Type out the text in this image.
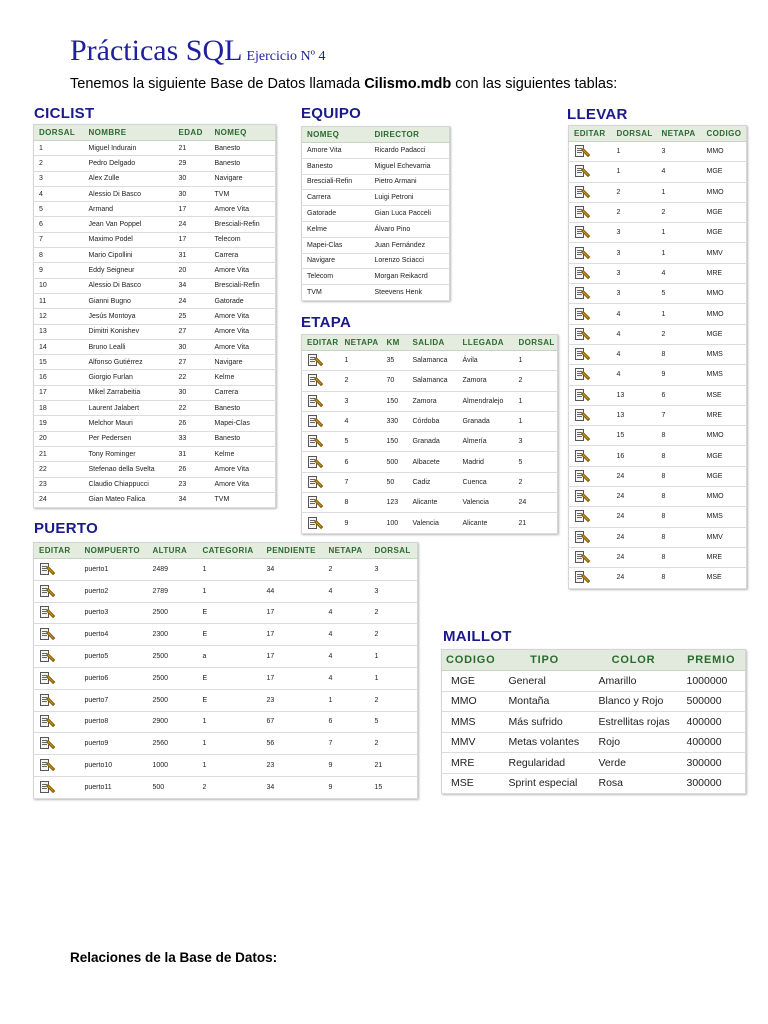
Prácticas SQL Ejercicio Nº 4
Tenemos la siguiente Base de Datos llamada Cilismo.mdb con las siguientes tablas:
CICLIST
DORSAL	NOMBRE	EDAD	NOMEQ
1	Miguel Indurain	21	Banesto
2	Pedro Delgado	29	Banesto
3	Alex Zulle	30	Navigare
4	Alessio Di Basco	30	TVM
5	Armand	17	Amore Vita
6	Jean Van Poppel	24	Bresciali-Refin
7	Maximo Podel	17	Telecom
8	Mario Cipollini	31	Carrera
9	Eddy Seigneur	20	Amore Vita
10	Alessio Di Basco	34	Bresciali-Refin
11	Gianni Bugno	24	Gatorade
12	Jesús Montoya	25	Amore Vita
13	Dimitri Konishev	27	Amore Vita
14	Bruno Lealli	30	Amore Vita
15	Alfonso Gutiérrez	27	Navigare
16	Giorgio Furlan	22	Kelme
17	Mikel Zarrabeitia	30	Carrera
18	Laurent Jalabert	22	Banesto
19	Melchor Mauri	26	Mapei-Clas
20	Per Pedersen	33	Banesto
21	Tony Rominger	31	Kelme
22	Stefenao della Svelta	26	Amore Vita
23	Claudio Chiappucci	23	Amore Vita
24	Gian Mateo Falica	34	TVM
EQUIPO
NOMEQ	DIRECTOR
Amore Vita	Ricardo Padacci
Banesto	Miguel Echevarria
Bresciali-Refin	Pietro Armani
Carrera	Luigi Petroni
Gatorade	Gian Luca Pacceli
Kelme	Álvaro Pino
Mapei-Clas	Juan Fernández
Navigare	Lorenzo Sciacci
Telecom	Morgan Reikacrd
TVM	Steevens Henk
ETAPA
EDITAR	NETAPA	KM	SALIDA	LLEGADA	DORSAL

	1	35	Salamanca	Ávila	1

	2	70	Salamanca	Zamora	2

	3	150	Zamora	Almendralejo	1

	4	330	Córdoba	Granada	1

	5	150	Granada	Almería	3

	6	500	Albacete	Madrid	5

	7	50	Cadiz	Cuenca	2

	8	123	Alicante	Valencia	24

	9	100	Valencia	Alicante	21
LLEVAR
EDITAR	DORSAL	NETAPA	CODIGO

	1	3	MMO

	1	4	MGE

	2	1	MMO

	2	2	MGE

	3	1	MGE

	3	1	MMV

	3	4	MRE

	3	5	MMO

	4	1	MMO

	4	2	MGE

	4	8	MMS

	4	9	MMS

	13	6	MSE

	13	7	MRE

	15	8	MMO

	16	8	MGE

	24	8	MGE

	24	8	MMO

	24	8	MMS

	24	8	MMV

	24	8	MRE

	24	8	MSE
PUERTO
EDITAR	NOMPUERTO	ALTURA	CATEGORIA	PENDIENTE	NETAPA	DORSAL

	puerto1	2489	1	34	2	3

	puerto2	2789	1	44	4	3

	puerto3	2500	E	17	4	2

	puerto4	2300	E	17	4	2

	puerto5	2500	a	17	4	1

	puerto6	2500	E	17	4	1

	puerto7	2500	E	23	1	2

	puerto8	2900	1	67	6	5

	puerto9	2560	1	56	7	2

	puerto10	1000	1	23	9	21

	puerto11	500	2	34	9	15
MAILLOT
CODIGO	TIPO	COLOR	PREMIO
MGE	General	Amarillo	1000000
MMO	Montaña	Blanco y Rojo	500000
MMS	Más sufrido	Estrellitas rojas	400000
MMV	Metas volantes	Rojo	400000
MRE	Regularidad	Verde	300000
MSE	Sprint especial	Rosa	300000
Relaciones de la Base de Datos:
